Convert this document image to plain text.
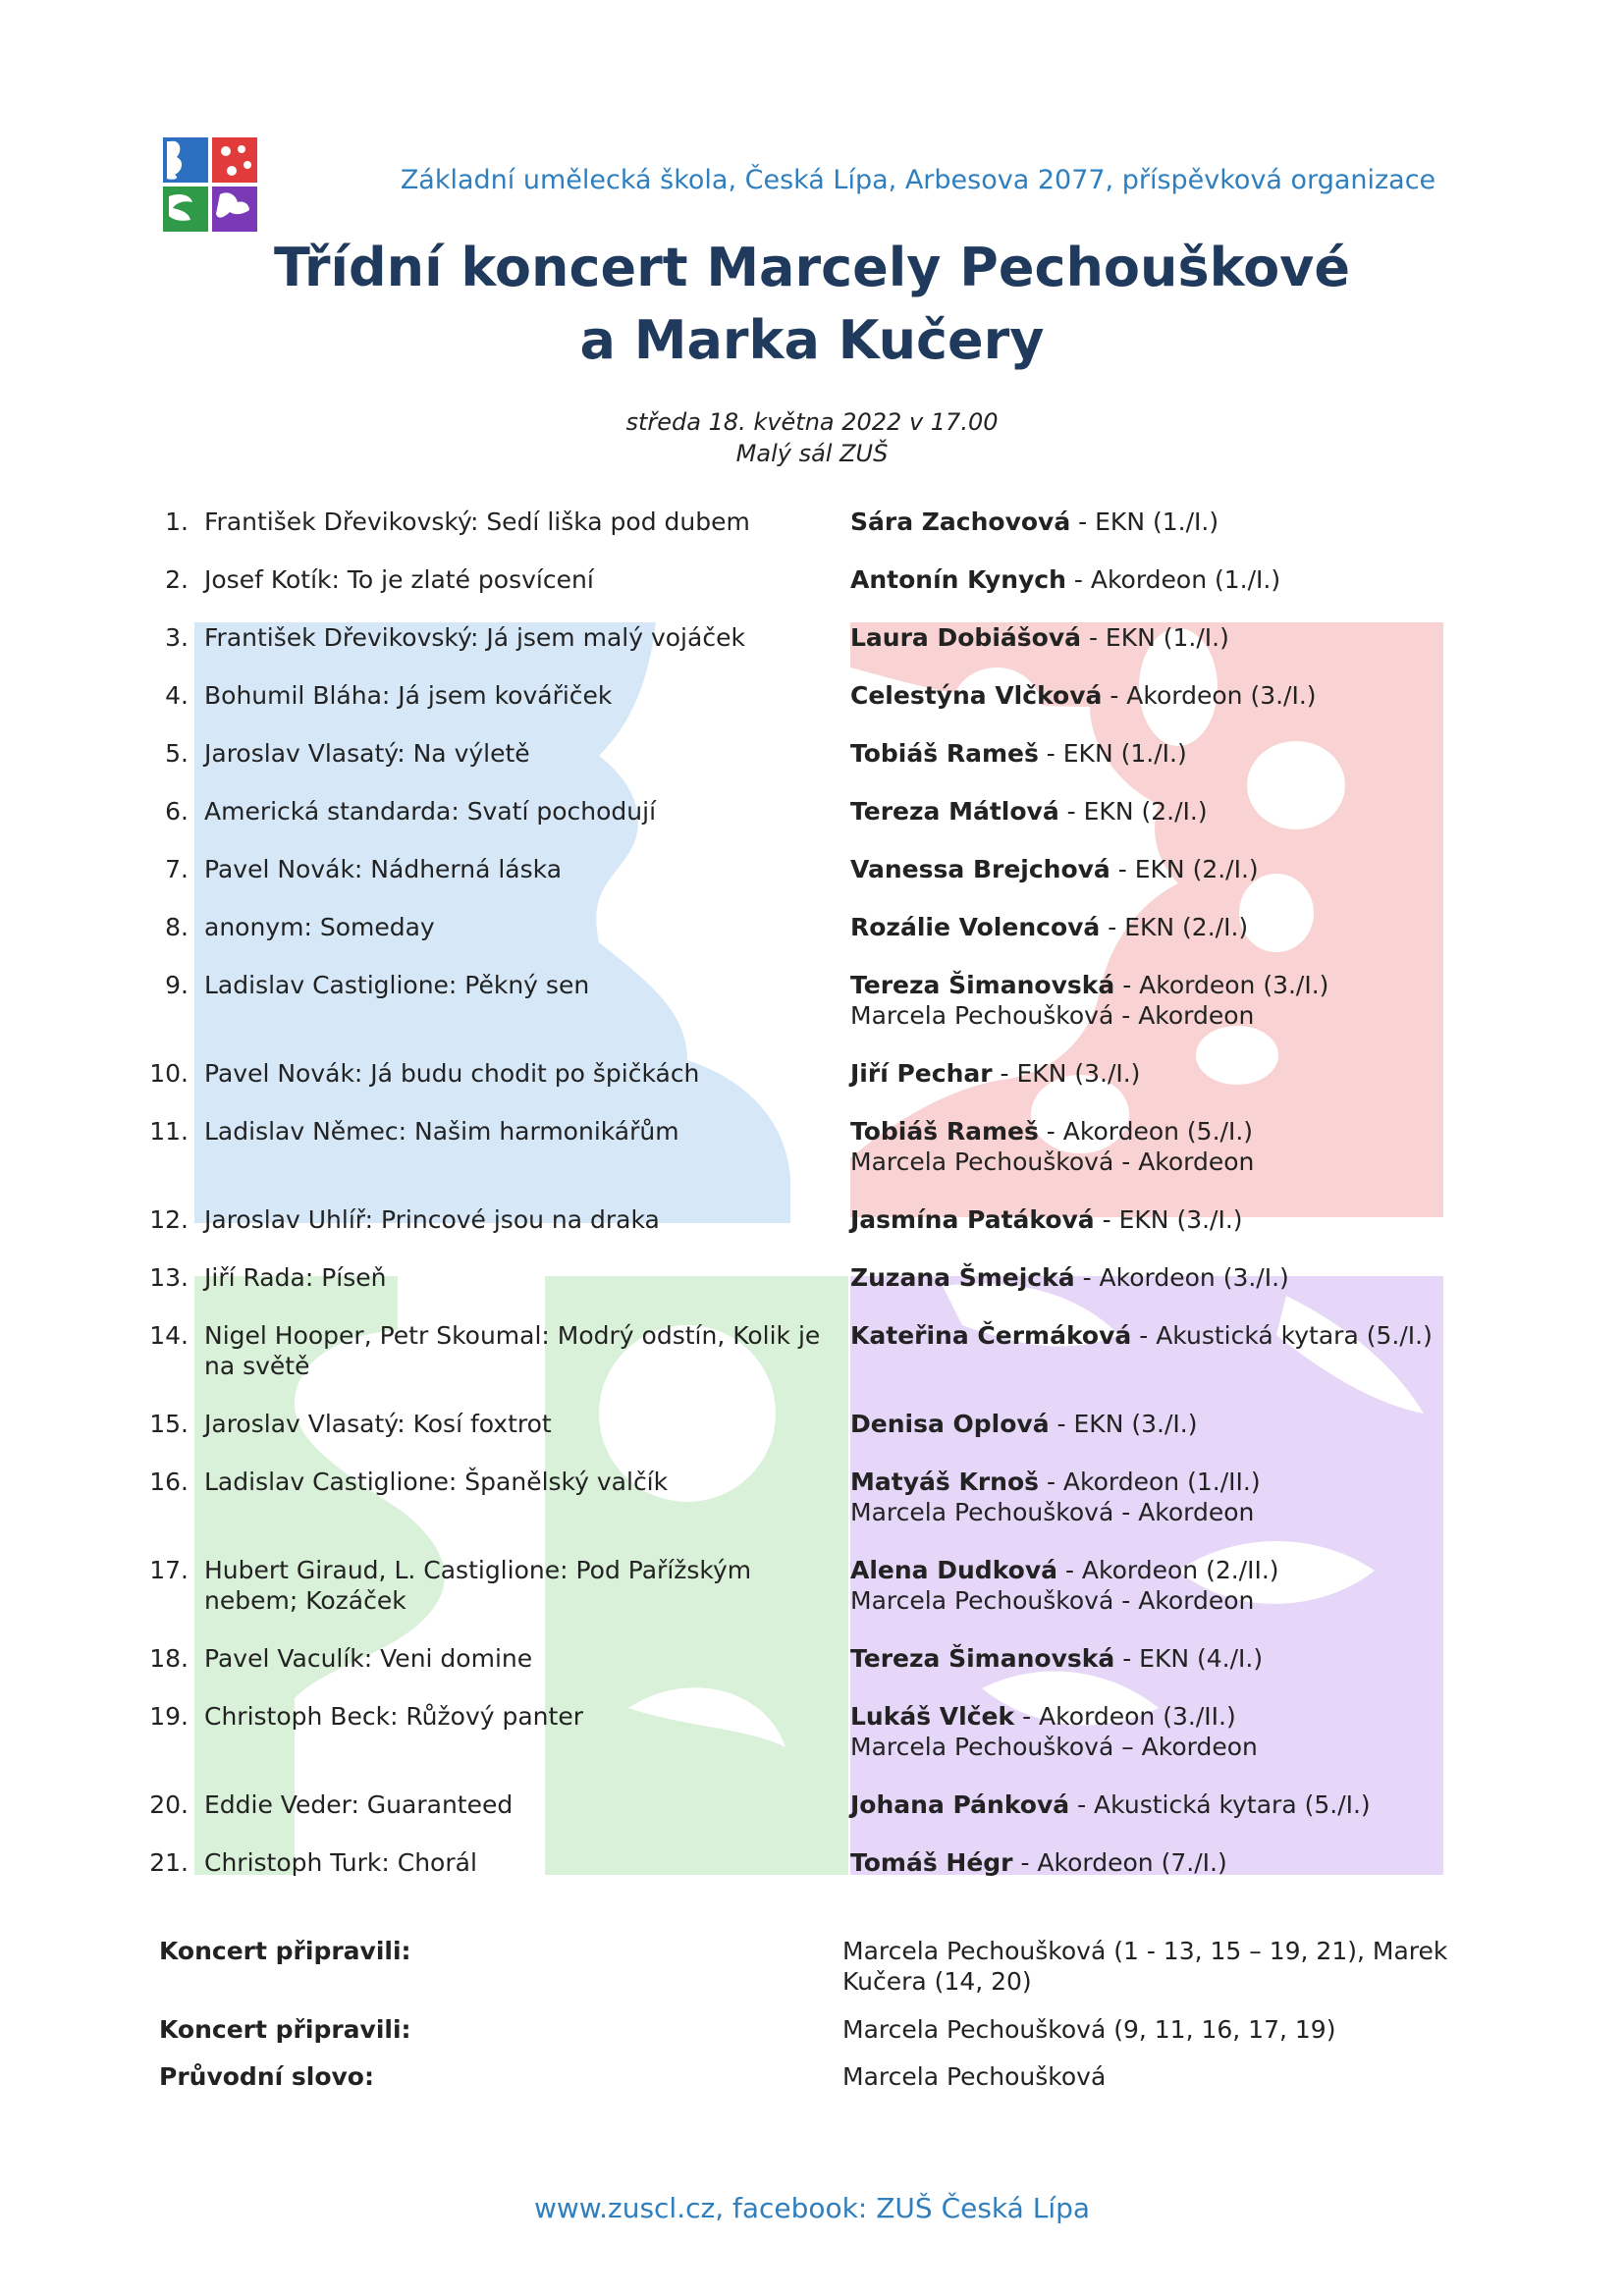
Základní umělecká škola, Česká Lípa, Arbesova 2077, příspěvková organizace
Třídní koncert Marcely Pechouškové
a Marka Kučery
středa 18. května 2022 v 17.00
Malý sál ZUŠ
1. František Dřevikovský: Sedí liška pod dubem	Sára Zachovová - EKN (1./I.)
2. Josef Kotík: To je zlaté posvícení	Antonín Kynych - Akordeon (1./I.)
3. František Dřevikovský: Já jsem malý vojáček	Laura Dobiášová - EKN (1./I.)
4. Bohumil Bláha: Já jsem kovářiček	Celestýna Vlčková - Akordeon (3./I.)
5. Jaroslav Vlasatý: Na výletě	Tobiáš Rameš - EKN (1./I.)
6. Americká standarda: Svatí pochodují	Tereza Mátlová - EKN (2./I.)
7. Pavel Novák: Nádherná láska	Vanessa Brejchová - EKN (2./I.)
8. anonym: Someday	Rozálie Volencová - EKN (2./I.)
9. Ladislav Castiglione: Pěkný sen	Tereza Šimanovská - Akordeon (3./I.)
Marcela Pechoušková - Akordeon
10. Pavel Novák: Já budu chodit po špičkách	Jiří Pechar - EKN (3./I.)
11. Ladislav Němec: Našim harmonikářům	Tobiáš Rameš - Akordeon (5./I.)
Marcela Pechoušková - Akordeon
12. Jaroslav Uhlíř: Princové jsou na draka	Jasmína Patáková - EKN (3./I.)
13. Jiří Rada: Píseň	Zuzana Šmejcká - Akordeon (3./I.)
14. Nigel Hooper, Petr Skoumal: Modrý odstín, Kolik je na světě
Kateřina Čermáková - Akustická kytara (5./I.)
15. Jaroslav Vlasatý: Kosí foxtrot	Denisa Oplová - EKN (3./I.)
16. Ladislav Castiglione: Španělský valčík	Matyáš Krnoš - Akordeon (1./II.)
Marcela Pechoušková - Akordeon
17. Hubert Giraud, L. Castiglione: Pod Pařížským nebem; Kozáček
Alena Dudková - Akordeon (2./II.)
Marcela Pechoušková - Akordeon
18. Pavel Vaculík: Veni domine	Tereza Šimanovská - EKN (4./I.)
19. Christoph Beck: Růžový panter	Lukáš Vlček - Akordeon (3./II.)
Marcela Pechoušková – Akordeon
20. Eddie Veder: Guaranteed	Johana Pánková - Akustická kytara (5./I.)
21. Christoph Turk: Chorál	Tomáš Hégr - Akordeon (7./I.)
Koncert připravili:	Marcela Pechoušková (1 - 13, 15 – 19, 21), Marek Kučera (14, 20)
Koncert připravili:	Marcela Pechoušková (9, 11, 16, 17, 19)
Průvodní slovo:	Marcela Pechoušková
www.zuscl.cz, facebook: ZUŠ Česká Lípa
